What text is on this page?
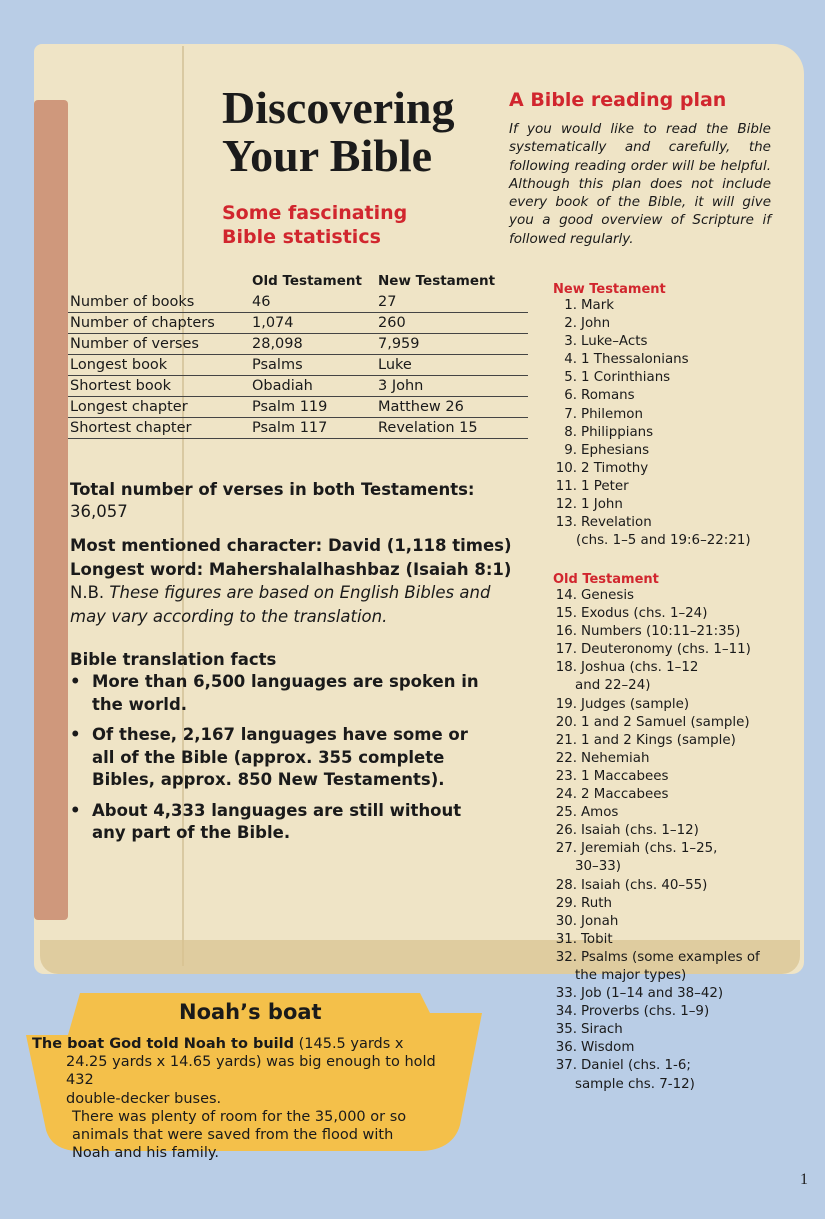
Discovering
Your Bible
Some fascinating
Bible statistics
A Bible reading plan

If you would like to read the Bible systematically and carefully, the following reading order will be helpful. Although this plan does not include every book of the Bible, it will give you a good overview of Scripture if followed regularly.

	Old Testament	New Testament
Number of books	46	27
Number of chapters	1,074	260
Number of verses	28,098	7,959
Longest book	Psalms	Luke
Shortest book	Obadiah	3 John
Longest chapter	Psalm 119	Matthew 26
Shortest chapter	Psalm 117	Revelation 15

Total number of verses in both Testaments:

36,057

Most mentioned character: David (1,118 times)

Longest word: Mahershalalhashbaz (Isaiah 8:1)

N.B. These figures are based on English Bibles and may vary according to the translation.

Bible translation facts

• More than 6,500 languages are spoken in the world.
• Of these, 2,167 languages have some or all of the Bible (approx. 355 complete Bibles, approx. 850 New Testaments).
• About 4,333 languages are still without any part of the Bible.

New Testament

1. Mark
2. John
3. Luke–Acts
4. 1 Thessalonians
5. 1 Corinthians
6. Romans
7. Philemon
8. Philippians
9. Ephesians
10. 2 Timothy
11. 1 Peter
12. 1 John
13. Revelation
(chs. 1–5 and 19:6–22:21)

Old Testament

14. Genesis
15. Exodus (chs. 1–24)
16. Numbers (10:11–21:35)
17. Deuteronomy (chs. 1–11)
18. Joshua (chs. 1–12
and 22–24)
19. Judges (sample)
20. 1 and 2 Samuel (sample)
21. 1 and 2 Kings (sample)
22. Nehemiah
23. 1 Maccabees
24. 2 Maccabees
25. Amos
26. Isaiah (chs. 1–12)
27. Jeremiah (chs. 1–25,
30–33)
28. Isaiah (chs. 40–55)
29. Ruth
30. Jonah
31. Tobit
32. Psalms (some examples of
the major types)
33. Job (1–14 and 38–42)
34. Proverbs (chs. 1–9)
35. Sirach
36. Wisdom
37. Daniel (chs. 1-6;
sample chs. 7-12)
Noah’s boat

The boat God told Noah to build (145.5 yards x

24.25 yards x 14.65 yards) was big enough to hold 432
double-decker buses.
There was plenty of room for the 35,000 or so
animals that were saved from the flood with
Noah and his family.

1
